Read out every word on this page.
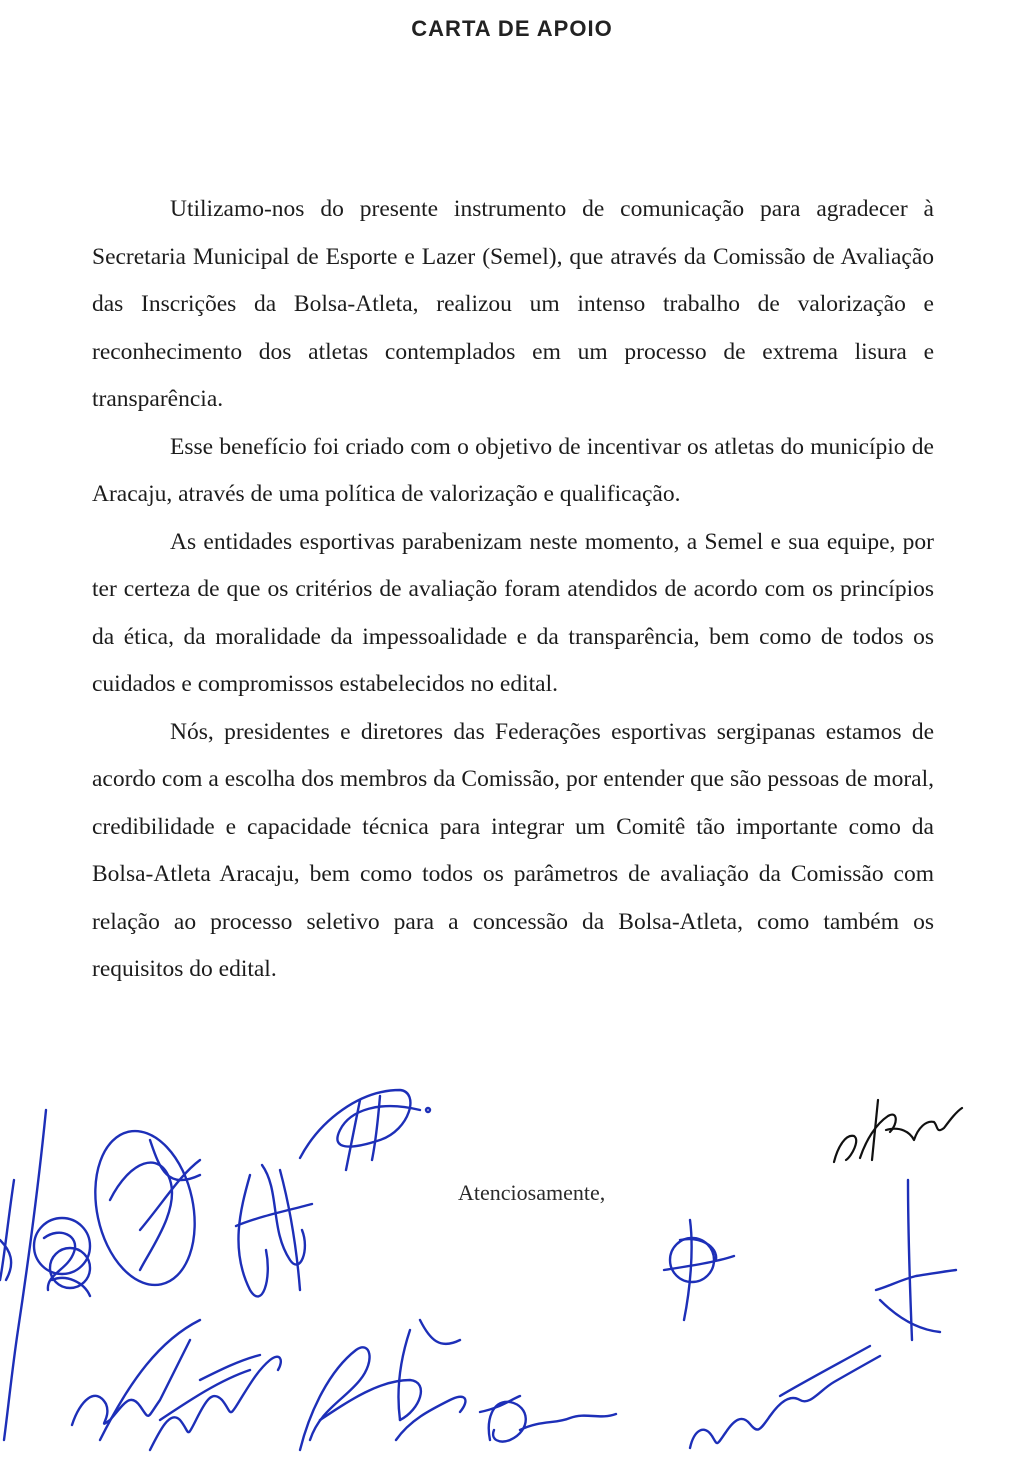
CARTA DE APOIO

Utilizamo-nos do presente instrumento de comunicação para agradecer à Secretaria Municipal de Esporte e Lazer (Semel), que através da Comissão de Avaliação das Inscrições da Bolsa-Atleta, realizou um intenso trabalho de valorização e reconhecimento dos atletas contemplados em um processo de extrema lisura e transparência.

Esse benefício foi criado com o objetivo de incentivar os atletas do município de Aracaju, através de uma política de valorização e qualificação.

As entidades esportivas parabenizam neste momento, a Semel e sua equipe, por ter certeza de que os critérios de avaliação foram atendidos de acordo com os princípios da ética, da moralidade da impessoalidade e da transparência, bem como de todos os cuidados e compromissos estabelecidos no edital.

Nós, presidentes e diretores das Federações esportivas sergipanas estamos de acordo com a escolha dos membros da Comissão, por entender que são pessoas de moral, credibilidade e capacidade técnica para integrar um Comitê tão importante como da Bolsa-Atleta Aracaju, bem como todos os parâmetros de avaliação da Comissão com relação ao processo seletivo para a concessão da Bolsa-Atleta, como também os requisitos do edital.

Atenciosamente,
